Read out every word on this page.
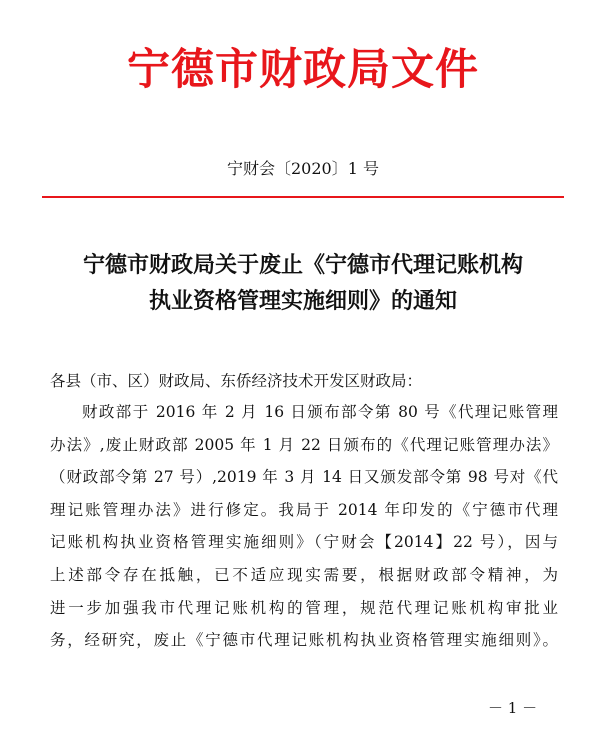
宁德市财政局文件
宁财会〔2020〕1 号
宁德市财政局关于废止《宁德市代理记账机构
执业资格管理实施细则》的通知
各县（市、区）财政局、东侨经济技术开发区财政局：
财政部于 2016 年 2 月 16 日颁布部令第 80 号《代理记账管理
办法》,废止财政部 2005 年 1 月 22 日颁布的《代理记账管理办法》
（财政部令第 27 号）,2019 年 3 月 14 日又颁发部令第 98 号对《代
理记账管理办法》进行修定。我局于 2014 年印发的《宁德市代理
记账机构执业资格管理实施细则》（宁财会【2014】22 号），因与
上述部令存在抵触，已不适应现实需要，根据财政部令精神，为
进一步加强我市代理记账机构的管理，规范代理记账机构审批业
务，经研究，废止《宁德市代理记账机构执业资格管理实施细则》。
－ 1 －
